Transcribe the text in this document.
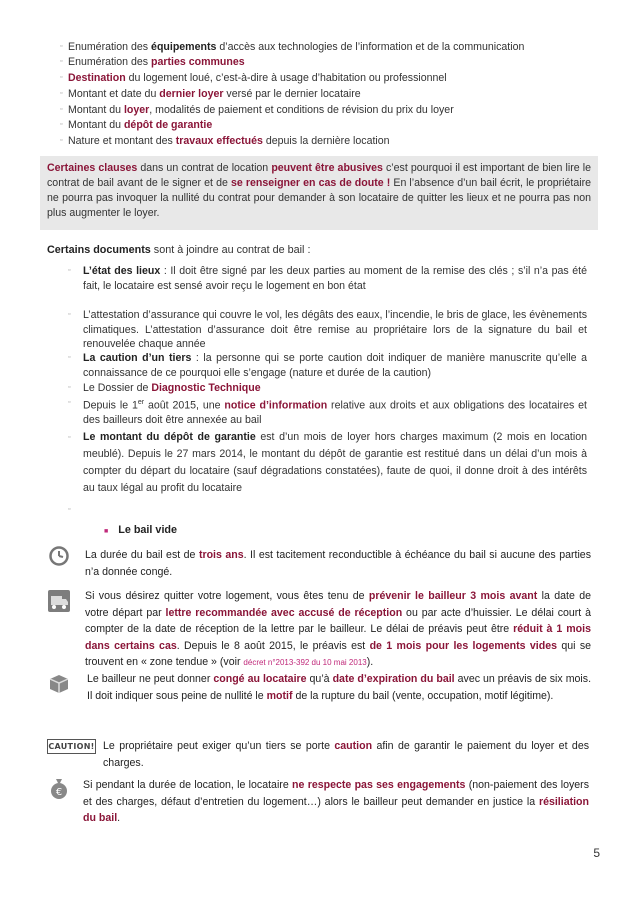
▫ Enumération des équipements d’accès aux technologies de l’information et de la communication
▫ Enumération des parties communes
▫ Destination du logement loué, c’est-à-dire à usage d’habitation ou professionnel
▫ Montant et date du dernier loyer versé par le dernier locataire
▫ Montant du loyer, modalités de paiement et conditions de révision du prix du loyer
▫ Montant du dépôt de garantie
▫ Nature et montant des travaux effectués depuis la dernière location
Certaines clauses dans un contrat de location peuvent être abusives c’est pourquoi il est important de bien lire le contrat de bail avant de le signer et de se renseigner en cas de doute ! En l’absence d’un bail écrit, le propriétaire ne pourra pas invoquer la nullité du contrat pour demander à son locataire de quitter les lieux et ne pourra pas non plus augmenter le loyer.
Certains documents sont à joindre au contrat de bail :
▫ L’état des lieux : Il doit être signé par les deux parties au moment de la remise des clés ; s’il n’a pas été fait, le locataire est sensé avoir reçu le logement en bon état
▫ L’attestation d’assurance qui couvre le vol, les dégâts des eaux, l’incendie, le bris de glace, les évènements climatiques. L’attestation d’assurance doit être remise au propriétaire lors de la signature du bail et renouvelée chaque année
▫ La caution d’un tiers : la personne qui se porte caution doit indiquer de manière manuscrite qu’elle a connaissance de ce pourquoi elle s’engage (nature et durée de la caution)
▫ Le Dossier de Diagnostic Technique
▫ Depuis le 1er août 2015, une notice d’information relative aux droits et aux obligations des locataires et des bailleurs doit être annexée au bail
▫ Le montant du dépôt de garantie est d’un mois de loyer hors charges maximum (2 mois en location meublé). Depuis le 27 mars 2014, le montant du dépôt de garantie est restitué dans un délai d’un mois à compter du départ du locataire (sauf dégradations constatées), faute de quoi, il donne droit à des intérêts au taux légal au profit du locataire
▫
■ Le bail vide
La durée du bail est de trois ans. Il est tacitement reconductible à échéance du bail si aucune des parties n’a donnée congé.
Si vous désirez quitter votre logement, vous êtes tenu de prévenir le bailleur 3 mois avant la date de votre départ par lettre recommandée avec accusé de réception ou par acte d’huissier. Le délai court à compter de la date de réception de la lettre par le bailleur. Le délai de préavis peut être réduit à 1 mois dans certains cas. Depuis le 8 août 2015, le préavis est de 1 mois pour les logements vides qui se trouvent en « zone tendue » (voir décret n°2013-392 du 10 mai 2013).
Le bailleur ne peut donner congé au locataire qu’à date d’expiration du bail avec un préavis de six mois. Il doit indiquer sous peine de nullité le motif de la rupture du bail (vente, occupation, motif légitime).
CAUTION! Le propriétaire peut exiger qu’un tiers se porte caution afin de garantir le paiement du loyer et des charges.
€
Si pendant la durée de location, le locataire ne respecte pas ses engagements (non-paiement des loyers et des charges, défaut d’entretien du logement…) alors le bailleur peut demander en justice la résiliation du bail.
5
